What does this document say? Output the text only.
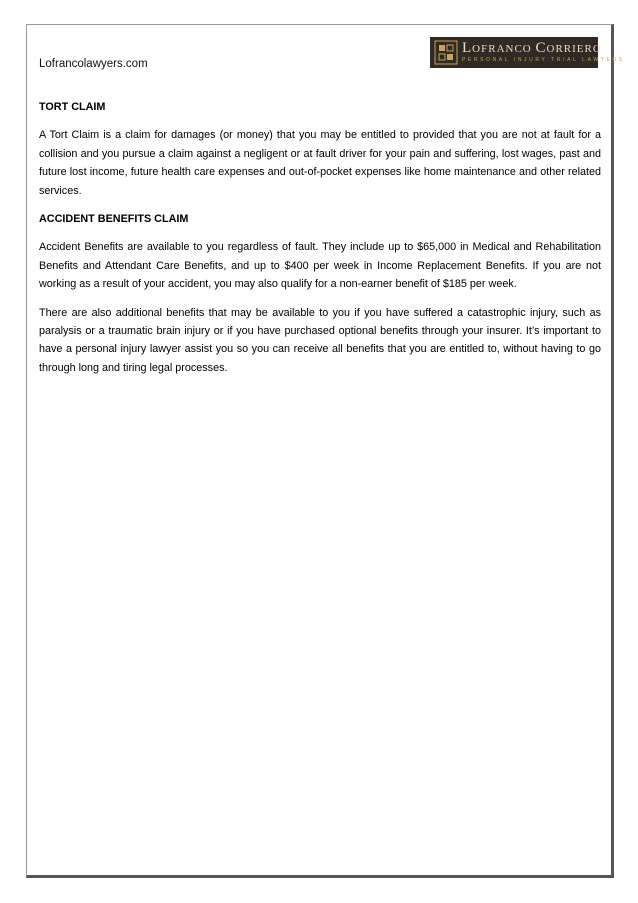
Lofrancolawyers.com
LOFRANCO CORRIERO
PERSONAL INJURY TRIAL LAWYERS
TORT CLAIM

A Tort Claim is a claim for damages (or money) that you may be entitled to provided that you are not at fault for a collision and you pursue a claim against a negligent or at fault driver for your pain and suffering, lost wages, past and future lost income, future health care expenses and out-of-pocket expenses like home maintenance and other related services.

ACCIDENT BENEFITS CLAIM

Accident Benefits are available to you regardless of fault. They include up to $65,000 in Medical and Rehabilitation Benefits and Attendant Care Benefits, and up to $400 per week in Income Replacement Benefits. If you are not working as a result of your accident, you may also qualify for a non-earner benefit of $185 per week.

There are also additional benefits that may be available to you if you have suffered a catastrophic injury, such as paralysis or a traumatic brain injury or if you have purchased optional benefits through your insurer. It’s important to have a personal injury lawyer assist you so you can receive all benefits that you are entitled to, without having to go through long and tiring legal processes.
